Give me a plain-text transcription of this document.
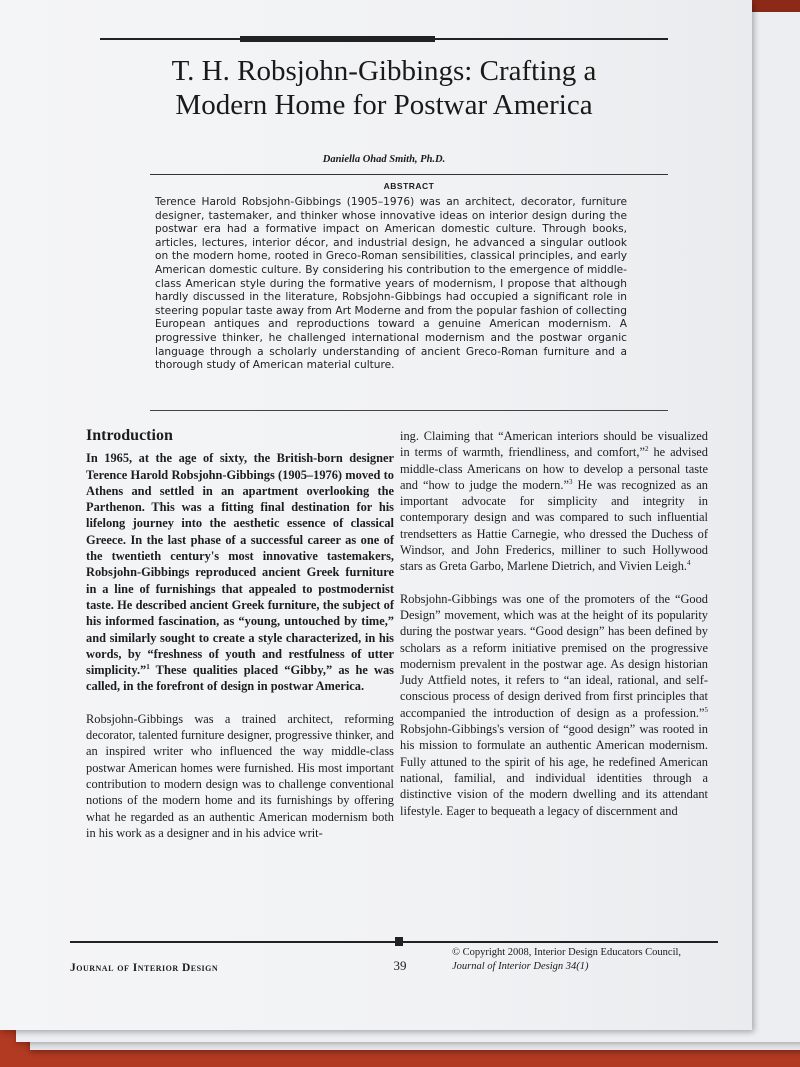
T. H. Robsjohn-Gibbings: Crafting a
Modern Home for Postwar America
Daniella Ohad Smith, Ph.D.
ABSTRACT
Terence Harold Robsjohn-Gibbings (1905–1976) was an architect, decorator, furniture designer, tastemaker, and thinker whose innovative ideas on interior design during the postwar era had a formative impact on American domestic culture. Through books, articles, lectures, interior décor, and industrial design, he advanced a singular outlook on the modern home, rooted in Greco-Roman sensibilities, classical principles, and early American domestic culture. By considering his contribution to the emergence of middle-class American style during the formative years of modernism, I propose that although hardly discussed in the literature, Robsjohn-Gibbings had occupied a significant role in steering popular taste away from Art Moderne and from the popular fashion of collecting European antiques and reproductions toward a genuine American modernism. A progressive thinker, he challenged international modernism and the postwar organic language through a scholarly understanding of ancient Greco-Roman furniture and a thorough study of American material culture.
Introduction

In 1965, at the age of sixty, the British-born designer Terence Harold Robsjohn-Gibbings (1905–1976) moved to Athens and settled in an apartment overlooking the Parthenon. This was a fitting final destination for his lifelong journey into the aesthetic essence of classical Greece. In the last phase of a successful career as one of the twentieth century's most innovative tastemakers, Robsjohn-Gibbings reproduced ancient Greek furniture in a line of furnishings that appealed to postmodernist taste. He described ancient Greek furniture, the subject of his informed fascination, as “young, untouched by time,” and similarly sought to create a style characterized, in his words, by “freshness of youth and restfulness of utter simplicity.”$^1$ These qualities placed “Gibby,” as he was called, in the forefront of design in postwar America.

Robsjohn-Gibbings was a trained architect, reforming decorator, talented furniture designer, progressive thinker, and an inspired writer who influenced the way middle-class postwar American homes were furnished. His most important contribution to modern design was to challenge conventional notions of the modern home and its furnishings by offering what he regarded as an authentic American modernism both in his work as a designer and in his advice writ-

ing. Claiming that “American interiors should be visualized in terms of warmth, friendliness, and comfort,”$^2$ he advised middle-class Americans on how to develop a personal taste and “how to judge the modern.”$^3$ He was recognized as an important advocate for simplicity and integrity in contemporary design and was compared to such influential trendsetters as Hattie Carnegie, who dressed the Duchess of Windsor, and John Frederics, milliner to such Hollywood stars as Greta Garbo, Marlene Dietrich, and Vivien Leigh.$^4$

Robsjohn-Gibbings was one of the promoters of the “Good Design” movement, which was at the height of its popularity during the postwar years. “Good design” has been defined by scholars as a reform initiative premised on the progressive modernism prevalent in the postwar age. As design historian Judy Attfield notes, it refers to “an ideal, rational, and self-conscious process of design derived from first principles that accompanied the introduction of design as a profession.”$^5$ Robsjohn-Gibbings's version of “good design” was rooted in his mission to formulate an authentic American modernism. Fully attuned to the spirit of his age, he redefined American national, familial, and individual identities through a distinctive vision of the modern dwelling and its attendant lifestyle. Eager to bequeath a legacy of discernment and

Journal of Interior Design	39
© Copyright 2008, Interior Design Educators Council,
Journal of Interior Design 34(1)
